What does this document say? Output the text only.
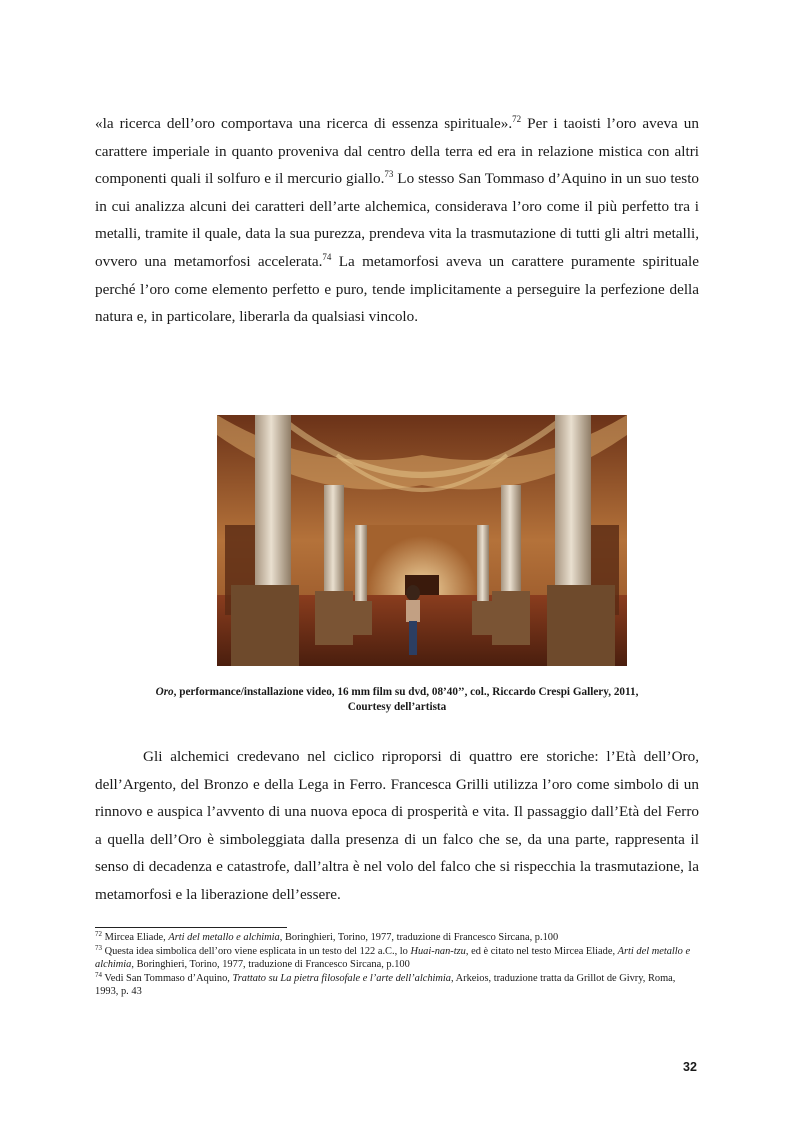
«la ricerca dell’oro comportava una ricerca di essenza spirituale».$^{72}$ Per i taoisti l’oro aveva un carattere imperiale in quanto proveniva dal centro della terra ed era in relazione mistica con altri componenti quali il solfuro e il mercurio giallo.$^{73}$ Lo stesso San Tommaso d’Aquino in un suo testo in cui analizza alcuni dei caratteri dell’arte alchemica, considerava l’oro come il più perfetto tra i metalli, tramite il quale, data la sua purezza, prendeva vita la trasmutazione di tutti gli altri metalli, ovvero una metamorfosi accelerata.$^{74}$ La metamorfosi aveva un carattere puramente spirituale perché l’oro come elemento perfetto e puro, tende implicitamente a perseguire la perfezione della natura e, in particolare, liberarla da qualsiasi vincolo.

Oro, performance/installazione video, 16 mm film su dvd, 08’40’’, col., Riccardo Crespi Gallery, 2011,
Courtesy dell’artista

Gli alchemici credevano nel ciclico riproporsi di quattro ere storiche: l’Età dell’Oro, dell’Argento, del Bronzo e della Lega in Ferro. Francesca Grilli utilizza l’oro come simbolo di un rinnovo e auspica l’avvento di una nuova epoca di prosperità e vita. Il passaggio dall’Età del Ferro a quella dell’Oro è simboleggiata dalla presenza di un falco che se, da una parte, rappresenta il senso di decadenza e catastrofe, dall’altra è nel volo del falco che si rispecchia la trasmutazione, la metamorfosi e la liberazione dell’essere.

$^{72}$ Mircea Eliade, Arti del metallo e alchimia, Boringhieri, Torino, 1977, traduzione di Francesco Sircana, p.100

$^{73}$ Questa idea simbolica dell’oro viene esplicata in un testo del 122 a.C., lo Huai-nan-tzu, ed è citato nel testo Mircea Eliade, Arti del metallo e alchimia, Boringhieri, Torino, 1977, traduzione di Francesco Sircana, p.100

$^{74}$ Vedi San Tommaso d’Aquino, Trattato su La pietra filosofale e l’arte dell’alchimia, Arkeios, traduzione tratta da Grillot de Givry, Roma, 1993, p. 43

32
